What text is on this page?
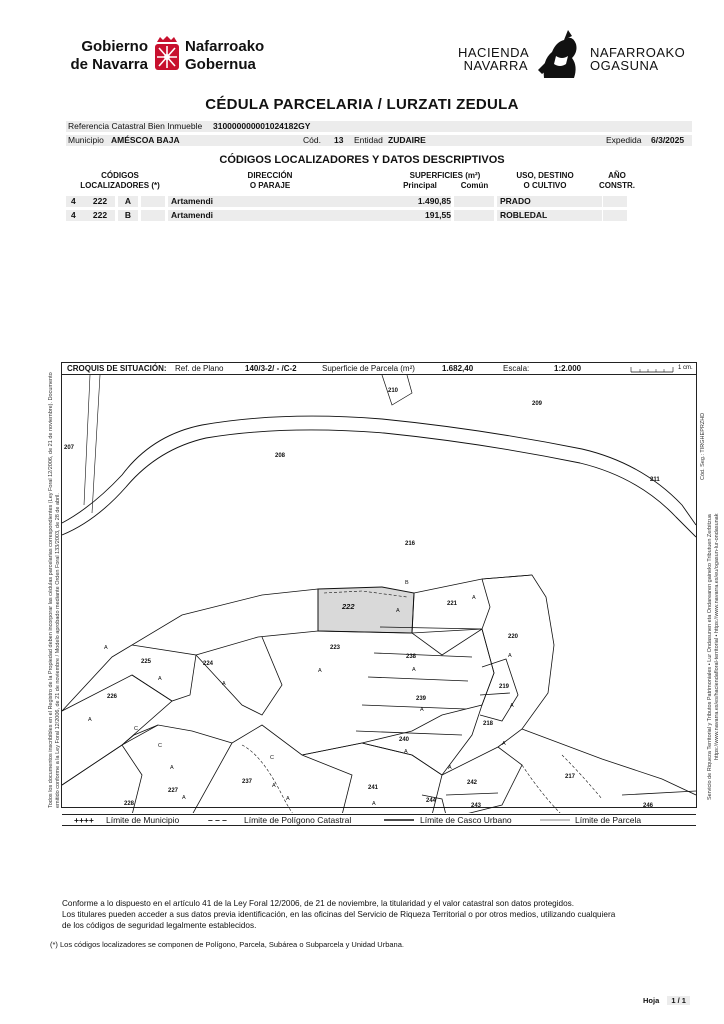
Gobierno
de Navarra
Nafarroako
Gobernua
HACIENDA
NAVARRA
NAFARROAKO
OGASUNA
CÉDULA PARCELARIA / LURZATI ZEDULA
Referencia Catastral Bien Inmueble 310000000001024182GY
Municipio AMÉSCOA BAJA	Cód. 13 Entidad ZUDAIRE	Expedida 6/3/2025
CÓDIGOS LOCALIZADORES Y DATOS DESCRIPTIVOS
CÓDIGOS
LOCALIZADORES (*)
DIRECCIÓN
O PARAJE
SUPERFICIES (m²)
Principal	Común
USO, DESTINO
O CULTIVO
AÑO
CONSTR.
4	222	A	Artamendi	1.490,85	PRADO
4	222	B	Artamendi	191,55	ROBLEDAL
Todos los documentos inscribibles en el Registro de la Propiedad deben incorporar las cédulas parcelarias correspondientes (Ley Foral 12/2006, de 21 de noviembre). Documento emitido conforme a la Ley Foral 12/2006, de 21 de noviembre / Modelo aprobado mediante Orden Foral 133/2003, de 28 de abril.
Cód. Seg.: TIRGHEPRZHD
Servicio de Riqueza Territorial y Tributos Patrimoniales • Lur Ondasunen eta Ondarearen gaineko Tributuen Zerbitzua https://www.navarra.es/es/haciendafloral-territorial • https://www.navarra.es/eu/ogasun-lur-ondasunak
CROQUIS DE SITUACIÓN: Ref. de Plano	140/3-2/ - /C-2	Superficie de Parcela (m²)	1.682,40	Escala:	1:2.000	1 cm.
207
208
209
210
211
216
221
222
220
223
224
225
226
227
228
237
238
239
240
241
242
243
244
217
218
219
246
A
B
A
A
A
A
A
A
A
C
C
A
A
C
A
A
A
A
A
A
A
A
A
++++ Límite de Municipio	– – – Límite de Polígono Catastral	Límite de Casco Urbano	Límite de Parcela
Conforme a lo dispuesto en el artículo 41 de la Ley Foral 12/2006, de 21 de noviembre, la titularidad y el valor catastral son datos protegidos.
Los titulares pueden acceder a sus datos previa identificación, en las oficinas del Servicio de Riqueza Territorial o por otros medios, utilizando cualquiera
de los códigos de seguridad legalmente establecidos.
(*) Los códigos localizadores se componen de Polígono, Parcela, Subárea o Subparcela y Unidad Urbana.
Hoja 1 / 1
